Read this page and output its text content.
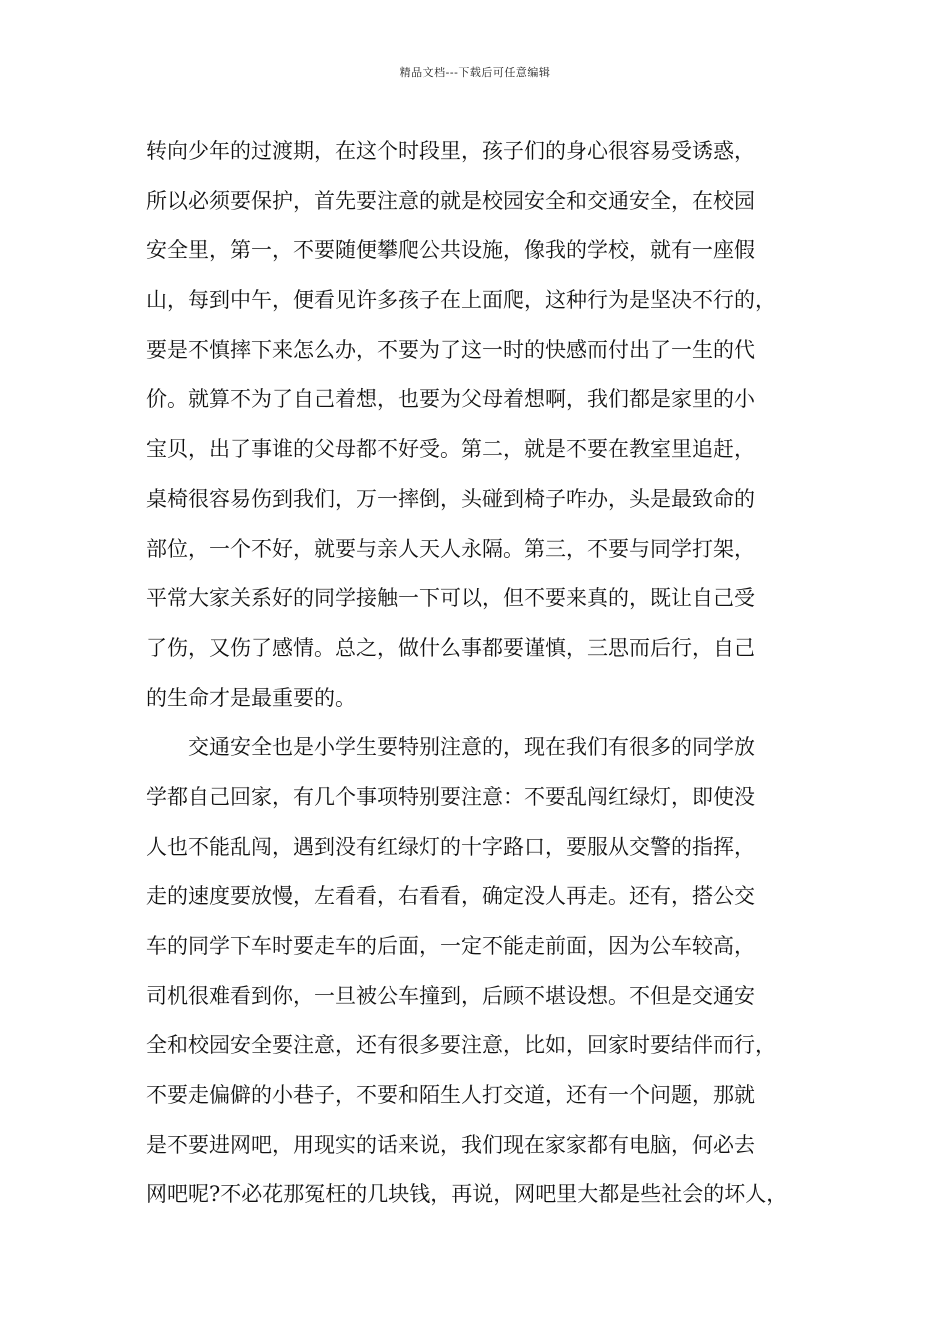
精品文档---下载后可任意编辑
转向少年的过渡期，在这个时段里，孩子们的身心很容易受诱惑，
所以必须要保护，首先要注意的就是校园安全和交通安全，在校园
安全里，第一，不要随便攀爬公共设施，像我的学校，就有一座假
山，每到中午，便看见许多孩子在上面爬，这种行为是坚决不行的，
要是不慎摔下来怎么办，不要为了这一时的快感而付出了一生的代
价。就算不为了自己着想，也要为父母着想啊，我们都是家里的小
宝贝，出了事谁的父母都不好受。第二，就是不要在教室里追赶，
桌椅很容易伤到我们，万一摔倒，头碰到椅子咋办，头是最致命的
部位，一个不好，就要与亲人天人永隔。第三，不要与同学打架，
平常大家关系好的同学接触一下可以，但不要来真的，既让自己受
了伤，又伤了感情。总之，做什么事都要谨慎，三思而后行，自己
的生命才是最重要的。
交通安全也是小学生要特别注意的，现在我们有很多的同学放
学都自己回家，有几个事项特别要注意：不要乱闯红绿灯，即使没
人也不能乱闯，遇到没有红绿灯的十字路口，要服从交警的指挥，
走的速度要放慢，左看看，右看看，确定没人再走。还有，搭公交
车的同学下车时要走车的后面，一定不能走前面，因为公车较高，
司机很难看到你，一旦被公车撞到，后顾不堪设想。不但是交通安
全和校园安全要注意，还有很多要注意，比如，回家时要结伴而行，
不要走偏僻的小巷子，不要和陌生人打交道，还有一个问题，那就
是不要进网吧，用现实的话来说，我们现在家家都有电脑，何必去
网吧呢?不必花那冤枉的几块钱，再说，网吧里大都是些社会的坏人，
